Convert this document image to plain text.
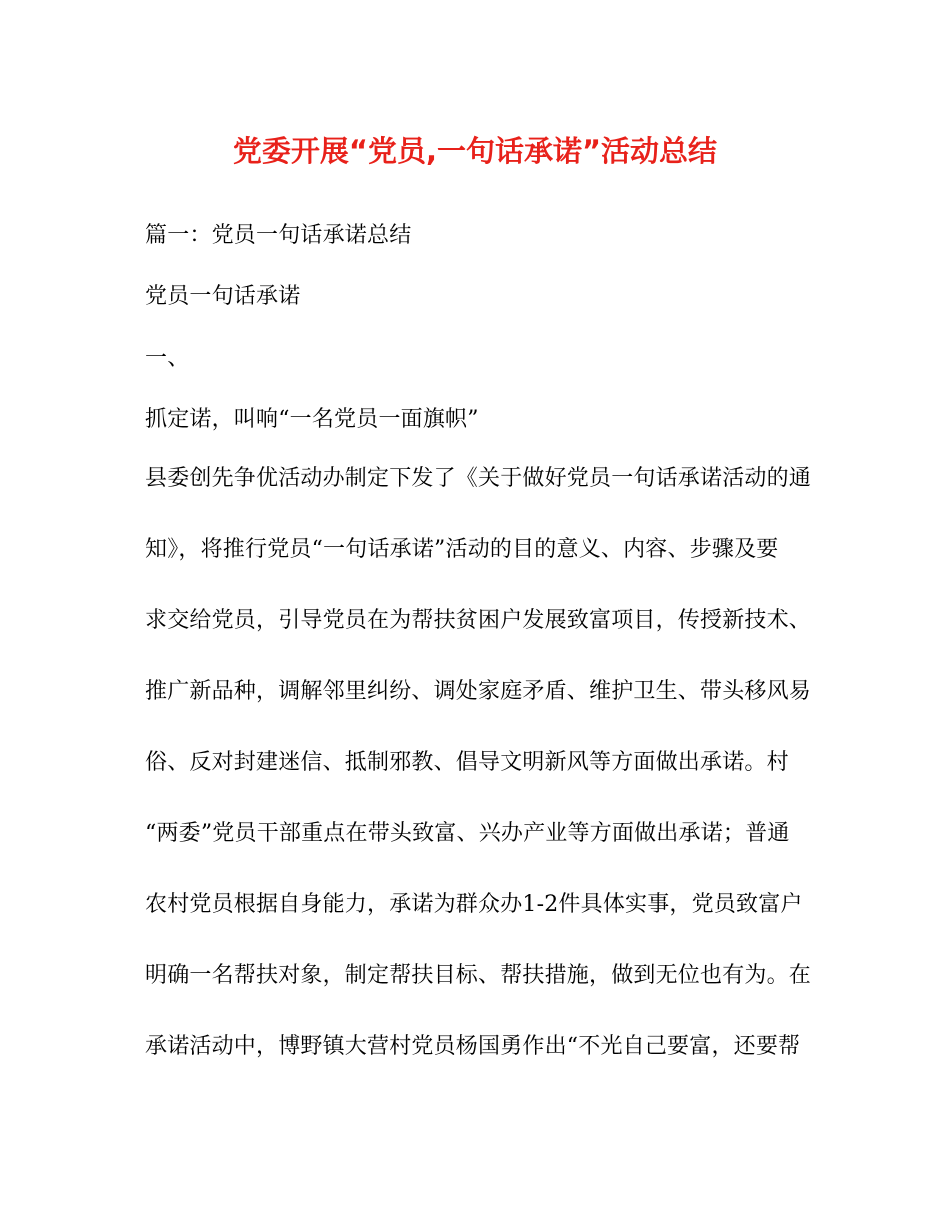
党委开展“党员,一句话承诺”活动总结
篇一：党员一句话承诺总结
党员一句话承诺
一、
抓定诺，叫响“一名党员一面旗帜”
县委创先争优活动办制定下发了《关于做好党员一句话承诺活动的通
知》，将推行党员“一句话承诺”活动的目的意义、内容、步骤及要
求交给党员，引导党员在为帮扶贫困户发展致富项目，传授新技术、
推广新品种，调解邻里纠纷、调处家庭矛盾、维护卫生、带头移风易
俗、反对封建迷信、抵制邪教、倡导文明新风等方面做出承诺。村
“两委”党员干部重点在带头致富、兴办产业等方面做出承诺；普通
农村党员根据自身能力，承诺为群众办1-2件具体实事，党员致富户
明确一名帮扶对象，制定帮扶目标、帮扶措施，做到无位也有为。在
承诺活动中，博野镇大营村党员杨国勇作出“不光自己要富，还要帮
